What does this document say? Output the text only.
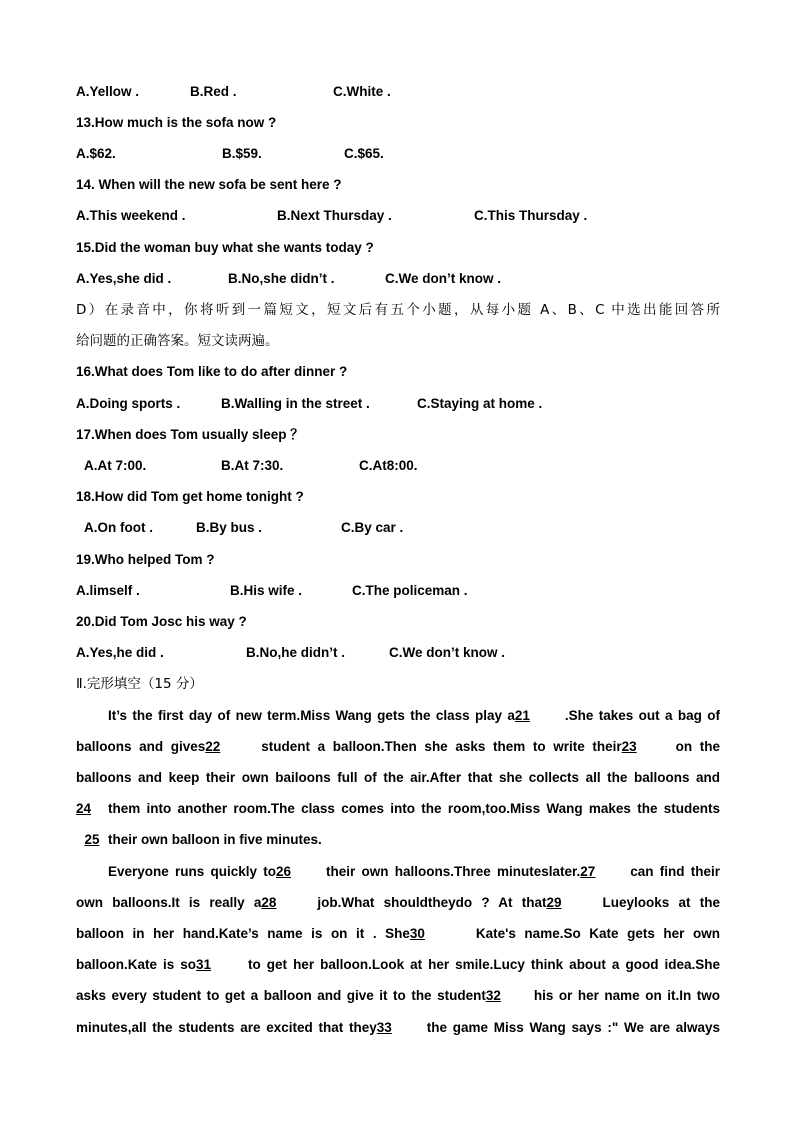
A.Yellow .	B.Red .	C.White .
13.How much is the sofa now ?
A.$62.	B.$59.	C.$65.
14. When will the new sofa be sent here ?
A.This weekend .	B.Next Thursday .	C.This Thursday .
15.Did the woman buy what she wants today ?
A.Yes,she did .	B.No,she didn’t .	C.We don’t know .
D）在录音中，你将听到一篇短文，短文后有五个小题，从每小题 A、B、C 中选出能回答所
给问题的正确答案。短文读两遍。
16.What does Tom like to do after dinner ?
A.Doing sports .	B.Walling in the street .	C.Staying at home .
17.When does Tom usually sleep ？
A.At 7:00.	B.At 7:30.	C.At8:00.
18.How did Tom get home tonight ?
A.On foot .	B.By bus .	C.By car .
19.Who helped Tom ?
A.limself .	B.His wife .	C.The policeman .
20.Did Tom Josc his way ?
A.Yes,he did .	B.No,he didn’t .	C.We don’t know .
Ⅱ.完形填空（15 分）
It’s the first day of new term.Miss Wang gets the class play a21	.She takes out a bag of
balloons and gives22	student a balloon.Then she asks them to write their23	on the
balloons and keep their own bailoons full of the air.After that she collects all the balloons and
24 them into another room.The class comes into the room,too.Miss Wang makes the students
25 their own balloon in five minutes.
Everyone runs quickly to26	their own halloons.Three minuteslater.27	can find their
own balloons.It is really a28	job.What shouldtheydo ? At that29	Lueylooks at the
balloon in her hand.Kate’s name is on it . She30	Kate's name.So Kate gets her own
balloon.Kate is so31	to get her balloon.Look at her smile.Lucy think about a good idea.She
asks every student to get a balloon and give it to the student32 his or her name on it.In two
minutes,all the students are excited that they33	the game Miss Wang says :" We are always
